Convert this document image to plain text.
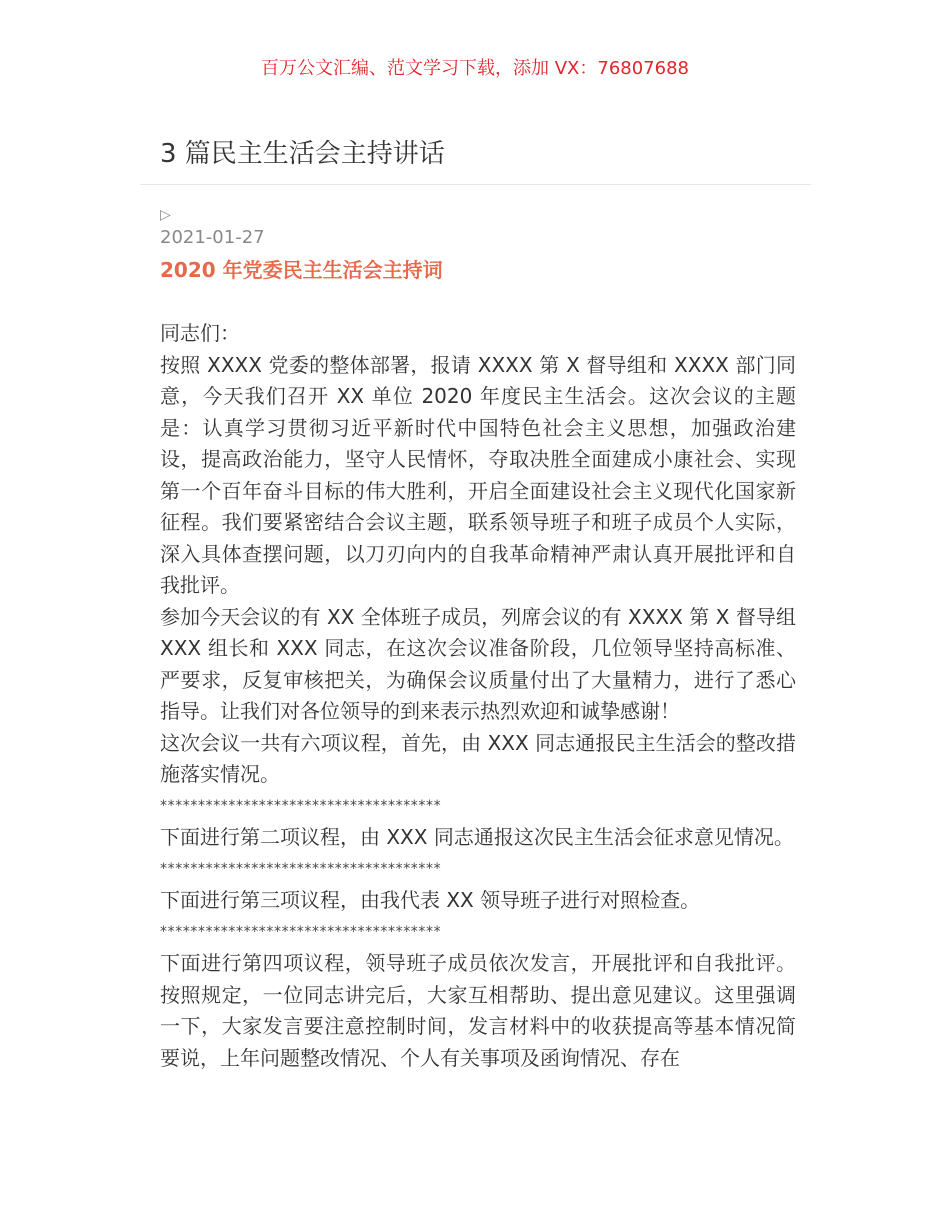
百万公文汇编、范文学习下载，添加 VX：76807688
3 篇民主生活会主持讲话
▷
2021-01-27
2020 年党委民主生活会主持词

同志们：

按照 XXXX 党委的整体部署，报请 XXXX 第 X 督导组和 XXXX 部门同意，今天我们召开 XX 单位 2020 年度民主生活会。这次会议的主题是：认真学习贯彻习近平新时代中国特色社会主义思想，加强政治建设，提高政治能力，坚守人民情怀，夺取决胜全面建成小康社会、实现第一个百年奋斗目标的伟大胜利，开启全面建设社会主义现代化国家新征程。我们要紧密结合会议主题，联系领导班子和班子成员个人实际，深入具体查摆问题，以刀刃向内的自我革命精神严肃认真开展批评和自我批评。

参加今天会议的有 XX 全体班子成员，列席会议的有 XXXX 第 X 督导组 XXX 组长和 XXX 同志，在这次会议准备阶段，几位领导坚持高标准、严要求，反复审核把关，为确保会议质量付出了大量精力，进行了悉心指导。让我们对各位领导的到来表示热烈欢迎和诚挚感谢！

这次会议一共有六项议程，首先，由 XXX 同志通报民主生活会的整改措施落实情况。

*************************************

下面进行第二项议程，由 XXX 同志通报这次民主生活会征求意见情况。

*************************************

下面进行第三项议程，由我代表 XX 领导班子进行对照检查。

*************************************

下面进行第四项议程，领导班子成员依次发言，开展批评和自我批评。按照规定，一位同志讲完后，大家互相帮助、提出意见建议。这里强调一下，大家发言要注意控制时间，发言材料中的收获提高等基本情况简要说，上年问题整改情况、个人有关事项及函询情况、存在
